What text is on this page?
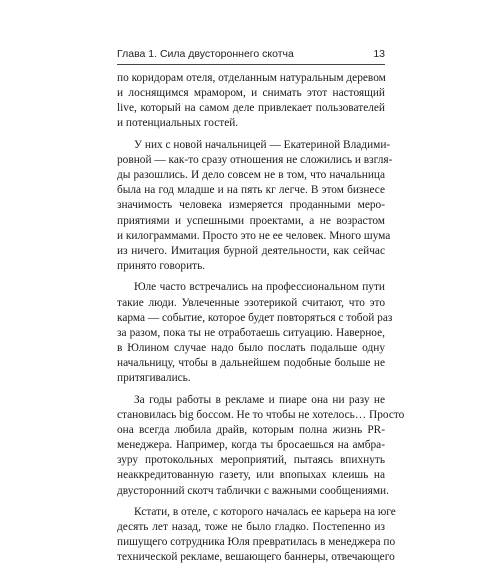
Глава 1. Сила двустороннего скотча	13
по коридорам отеля, отделанным натуральным деревом
и лоснящимся мрамором, и снимать этот настоящий
live, который на самом деле привлекает пользователей
и потенциальных гостей.
У них с новой начальницей — Екатериной Владими-
ровной — как-то сразу отношения не сложились и взгля-
ды разошлись. И дело совсем не в том, что начальница
была на год младше и на пять кг легче. В этом бизнесе
значимость человека измеряется проданными меро-
приятиями и успешными проектами, а не возрастом
и килограммами. Просто это не ее человек. Много шума
из ничего. Имитация бурной деятельности, как сейчас
принято говорить.
Юле часто встречались на профессиональном пути
такие люди. Увлеченные эзотерикой считают, что это
карма — событие, которое будет повторяться с тобой раз
за разом, пока ты не отработаешь ситуацию. Наверное,
в Юлином случае надо было послать подальше одну
начальницу, чтобы в дальнейшем подобные больше не
притягивались.
За годы работы в рекламе и пиаре она ни разу не
становилась big боссом. Не то чтобы не хотелось… Просто
она всегда любила драйв, которым полна жизнь PR-
менеджера. Например, когда ты бросаешься на амбра-
зуру протокольных мероприятий, пытаясь впихнуть
неаккредитованную газету, или впопыхах клеишь на
двусторонний скотч таблички с важными сообщениями.
Кстати, в отеле, с которого началась ее карьера на юге
десять лет назад, тоже не было гладко. Постепенно из
пишущего сотрудника Юля превратилась в менеджера по
технической рекламе, вешающего баннеры, отвечающего
